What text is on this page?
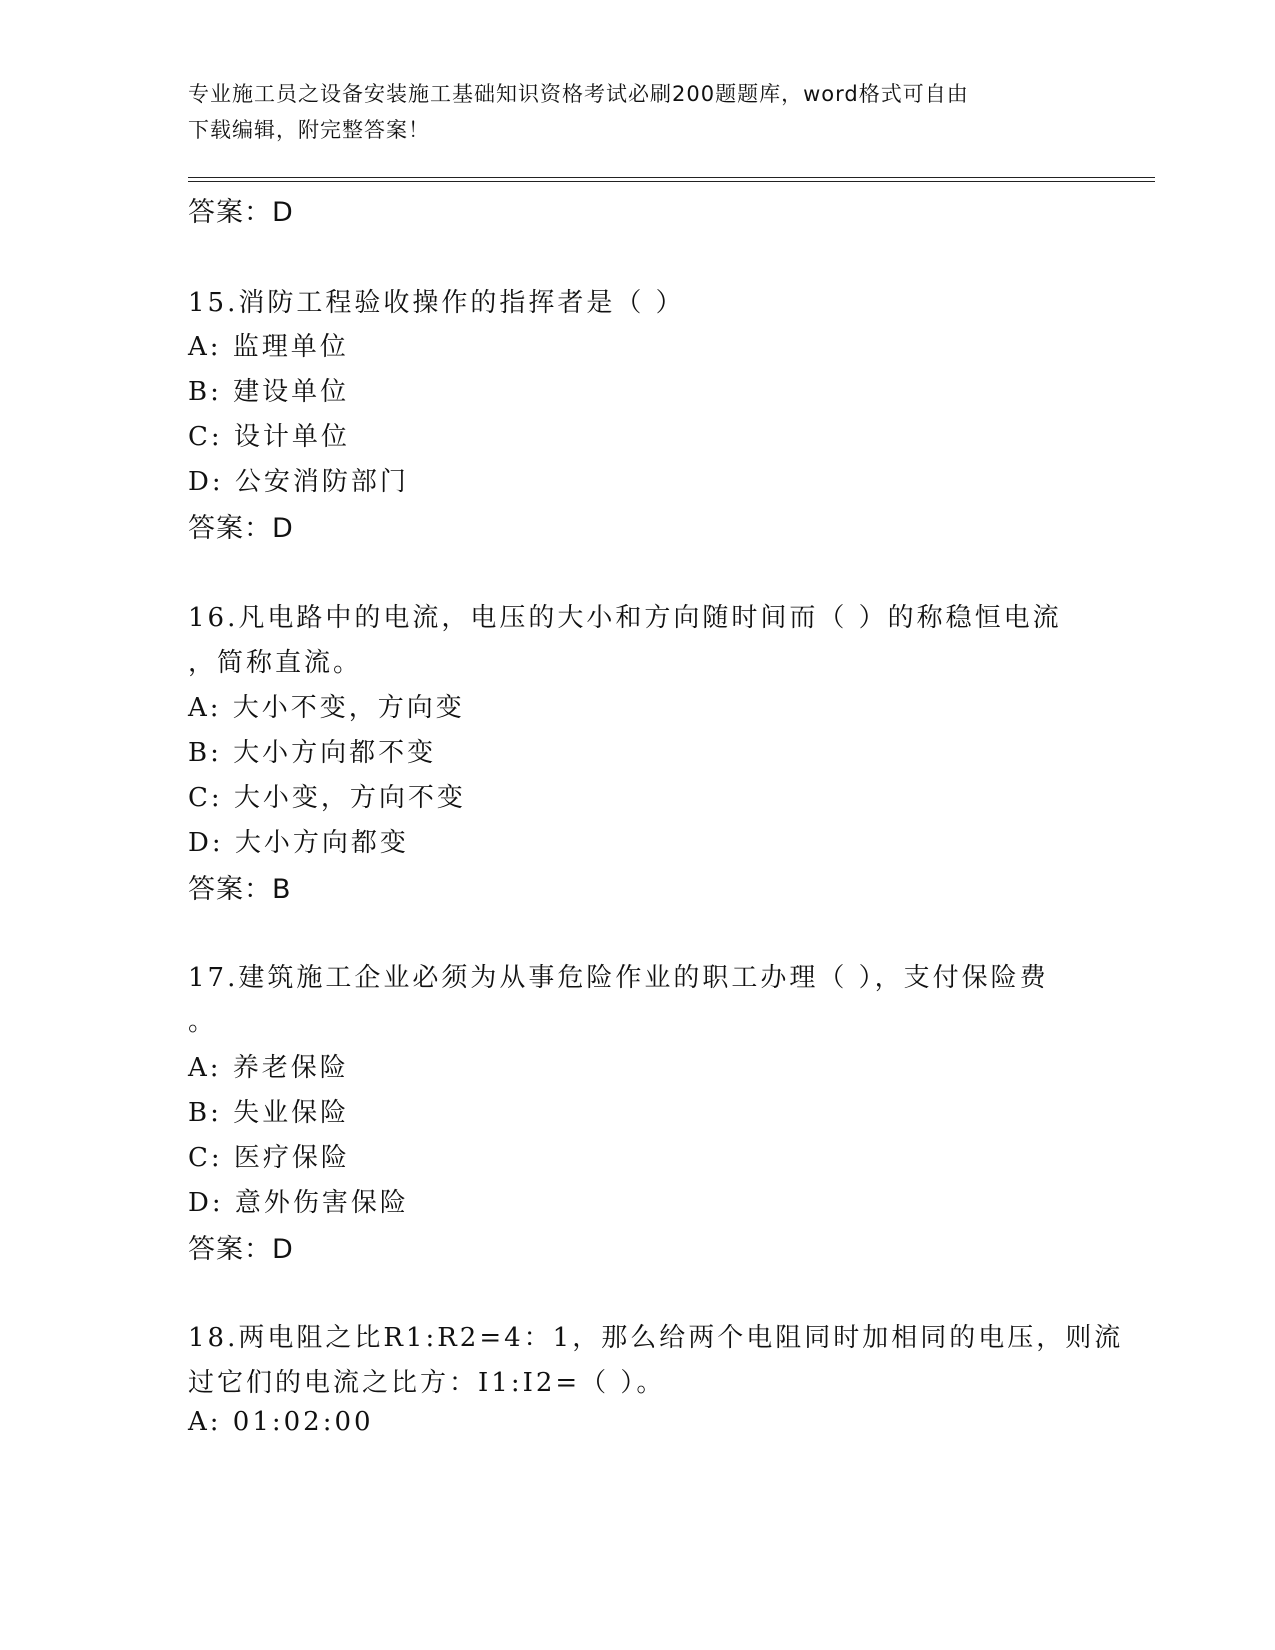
专业施工员之设备安装施工基础知识资格考试必刷200题题库，word格式可自由
下载编辑，附完整答案！
答案：D
15.消防工程验收操作的指挥者是（ ）
A: 监理单位
B: 建设单位
C: 设计单位
D: 公安消防部门
答案：D
16.凡电路中的电流，电压的大小和方向随时间而（ ）的称稳恒电流
，简称直流。
A: 大小不变，方向变
B: 大小方向都不变
C: 大小变，方向不变
D: 大小方向都变
答案：B
17.建筑施工企业必须为从事危险作业的职工办理（ ），支付保险费
。
A: 养老保险
B: 失业保险
C: 医疗保险
D: 意外伤害保险
答案：D
18.两电阻之比R1:R2=4：1，那么给两个电阻同时加相同的电压，则流
过它们的电流之比方：I1:I2=（ ）。
A: 01:02:00
